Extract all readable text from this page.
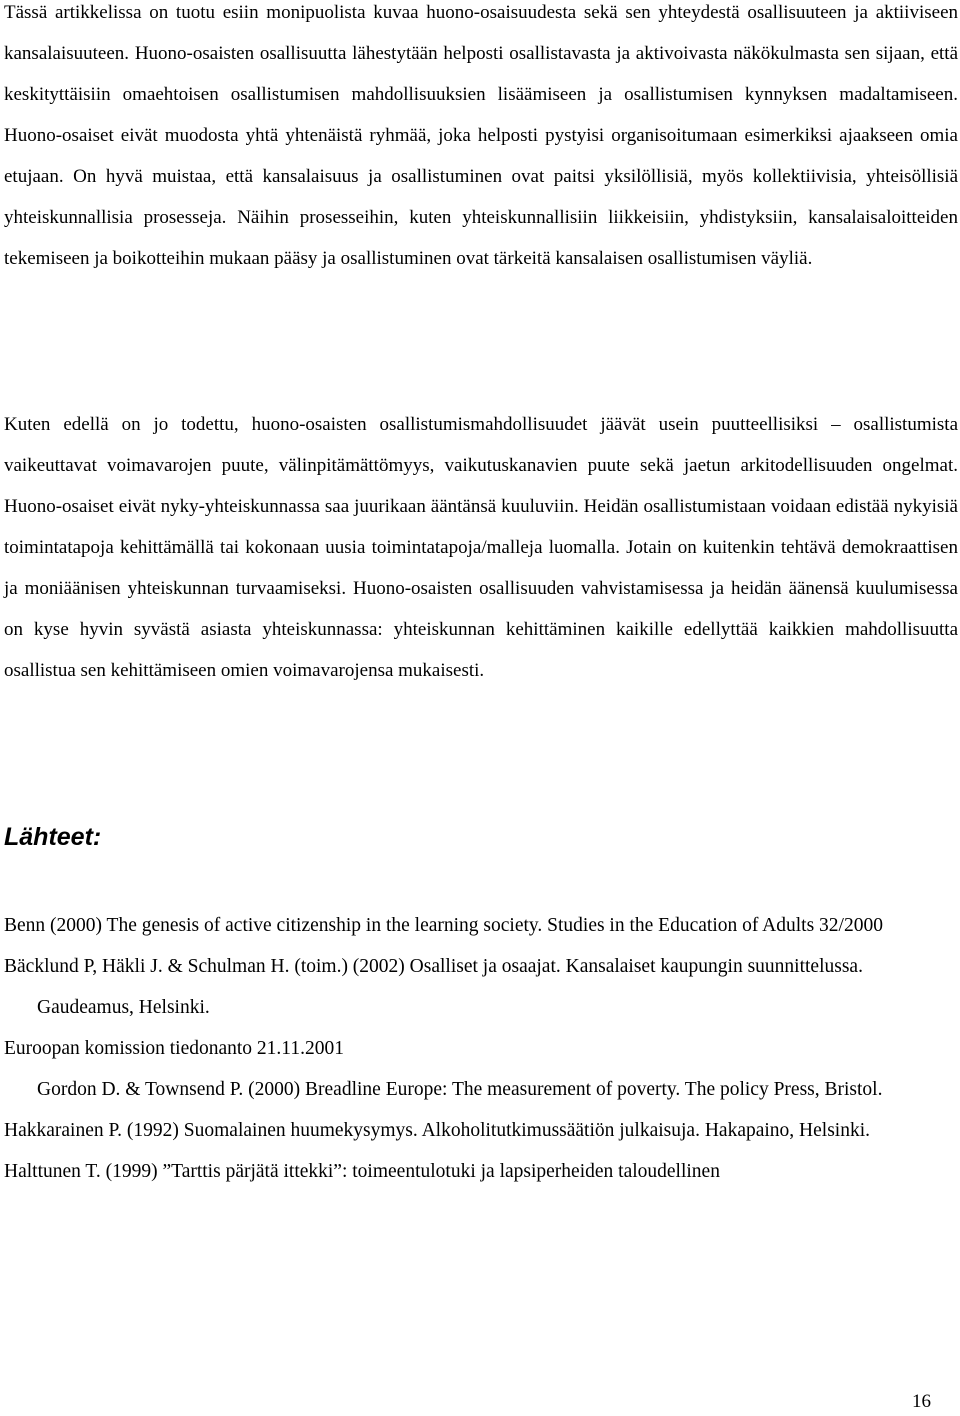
Tässä artikkelissa on tuotu esiin monipuolista kuvaa huono-osaisuudesta sekä sen yhteydestä osallisuuteen ja aktiiviseen kansalaisuuteen. Huono-osaisten osallisuutta lähestytään helposti osallistavasta ja aktivoivasta näkökulmasta sen sijaan, että keskityttäisiin omaehtoisen osallistumisen mahdollisuuksien lisäämiseen ja osallistumisen kynnyksen madaltamiseen. Huono-osaiset eivät muodosta yhtä yhtenäistä ryhmää, joka helposti pystyisi organisoitumaan esimerkiksi ajaakseen omia etujaan. On hyvä muistaa, että kansalaisuus ja osallistuminen ovat paitsi yksilöllisiä, myös kollektiivisia, yhteisöllisiä yhteiskunnallisia prosesseja. Näihin prosesseihin, kuten yhteiskunnallisiin liikkeisiin, yhdistyksiin, kansalaisaloitteiden tekemiseen ja boikotteihin mukaan pääsy ja osallistuminen ovat tärkeitä kansalaisen osallistumisen väyliä.

Kuten edellä on jo todettu, huono-osaisten osallistumismahdollisuudet jäävät usein puutteellisiksi – osallistumista vaikeuttavat voimavarojen puute, välinpitämättömyys, vaikutuskanavien puute sekä jaetun arkitodellisuuden ongelmat. Huono-osaiset eivät nyky-yhteiskunnassa saa juurikaan ääntänsä kuuluviin. Heidän osallistumistaan voidaan edistää nykyisiä toimintatapoja kehittämällä tai kokonaan uusia toimintatapoja/malleja luomalla. Jotain on kuitenkin tehtävä demokraattisen ja moniäänisen yhteiskunnan turvaamiseksi. Huono-osaisten osallisuuden vahvistamisessa ja heidän äänensä kuulumisessa on kyse hyvin syvästä asiasta yhteiskunnassa: yhteiskunnan kehittäminen kaikille edellyttää kaikkien mahdollisuutta osallistua sen kehittämiseen omien voimavarojensa mukaisesti.

Lähteet:
Benn (2000) The genesis of active citizenship in the learning society. Studies in the Education of Adults 32/2000
Bäcklund P, Häkli J. & Schulman H. (toim.) (2002) Osalliset ja osaajat. Kansalaiset kaupungin suunnittelussa. Gaudeamus, Helsinki.
Euroopan komission tiedonanto 21.11.2001
Gordon D. & Townsend P. (2000) Breadline Europe: The measurement of poverty. The policy Press, Bristol.
Hakkarainen P. (1992) Suomalainen huumekysymys. Alkoholitutkimussäätiön julkaisuja. Hakapaino, Helsinki.
Halttunen T. (1999) ”Tarttis pärjätä ittekki”: toimeentulotuki ja lapsiperheiden taloudellinen
16
